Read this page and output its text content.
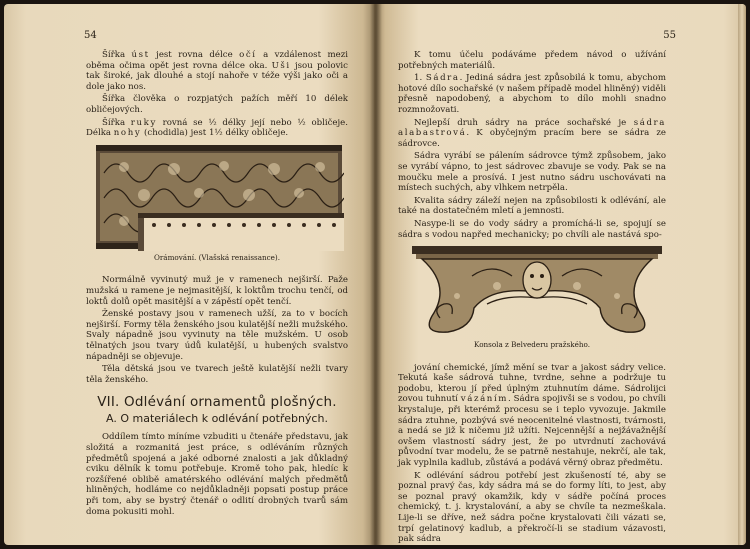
54

Šířka úst jest rovna délce očí a vzdálenost mezi oběma očima opět jest rovna délce oka. Uši jsou polovic tak široké, jak dlouhé a stojí nahoře v téže výši jako oči a dole jako nos.

Šířka člověka o rozpjatých pažích měří 10 délek obličejových.

Šířka ruky rovná se ½ délky její nebo ½ obličeje. Délka nohy (chodidla) jest 1½ délky obličeje.

Orámování. (Vlašská renaissance).

Normálně vyvinutý muž je v ramenech nejširší. Paže mužská u ramene je nejmasitější, k loktům trochu tenčí, od loktů dolů opět masitější a v zápěstí opět tenčí.

Ženské postavy jsou v ramenech užší, za to v bocích nejširší. Formy těla ženského jsou kulatější nežli mužského. Svaly nápadně jsou vyvinuty na těle mužském. U osob tělnatých jsou tvary údů kulatější, u hubených svalstvo nápadněji se objevuje.

Těla dětská jsou ve tvarech ještě kulatější nežli tvary těla ženského.

VII. Odlévání ornamentů plošných.
A. O materiálech k odlévání potřebných.

Oddílem tímto míníme vzbuditi u čtenáře představu, jak složitá a rozmanitá jest práce, s odléváním různých předmětů spojená a jaké odborné znalosti a jak důkladný cviku dělník k tomu potřebuje. Kromě toho pak, hledíc k rozšířené oblibě amatérského odlévání malých předmětů hliněných, hodláme co nejdůkladněji popsati postup práce při tom, aby se bystrý čtenář o odlití drobných tvarů sám doma pokusiti mohl.

55

K tomu účelu podáváme předem návod o užívání potřebných materiálů.

1. Sádra. Jediná sádra jest způsobilá k tomu, abychom hotové dílo sochařské (v našem případě model hliněný) viděli přesně napodobený, a abychom to dílo mohli snadno rozmnožovati.

Nejlepší druh sádry na práce sochařské je sádra alabastrová. K obyčejným pracím bere se sádra ze sádrovce.

Sádra vyrábí se pálením sádrovce týmž způsobem, jako se vyrábí vápno, to jest sádrovec zbavuje se vody. Pak se na moučku mele a prosívá. I jest nutno sádru uschovávati na místech suchých, aby vlhkem netrpěla.

Kvalita sádry záleží nejen na způsobilosti k odlévání, ale také na dostatečném mletí a jemnosti.

Nasype-li se do vody sádry a promíchá-li se, spojují se sádra s vodou napřed mechanicky; po chvíli ale nastává spo-

Konsola z Belvederu pražského.

jování chemické, jímž mění se tvar a jakost sádry velice. Tekutá kaše sádrová tuhne, tvrdne, sehne a podržuje tu podobu, kterou jí před úplným ztuhnutím dáme. Sádrolijci zovou tuhnutí vázáním. Sádra spojivši se s vodou, po chvíli krystaluje, při kterémž procesu se i teplo vyvozuje. Jakmile sádra ztuhne, pozbývá své neocenitelné vlastnosti, tvárnosti, a nedá se již k ničemu již užíti. Nejcennější a nejžávažnější ovšem vlastností sádry jest, že po utvrdnutí zachovává původní tvar modelu, že se patrně nestahuje, nekrčí, ale tak, jak vyplnila kadlub, zůstává a podává věrný obraz předmětu.

K odlévání sádrou potřebí jest zkušeností té, aby se poznal pravý čas, kdy sádra má se do formy líti, to jest, aby se poznal pravý okamžik, kdy v sádře počíná proces chemický, t. j. krystalování, a aby se chvíle ta nezmeškala. Lije-li se dříve, než sádra počne krystalovati čili vázati se, trpí gelatinový kadlub, a překročí-li se stadium vázavosti, pak sádra
